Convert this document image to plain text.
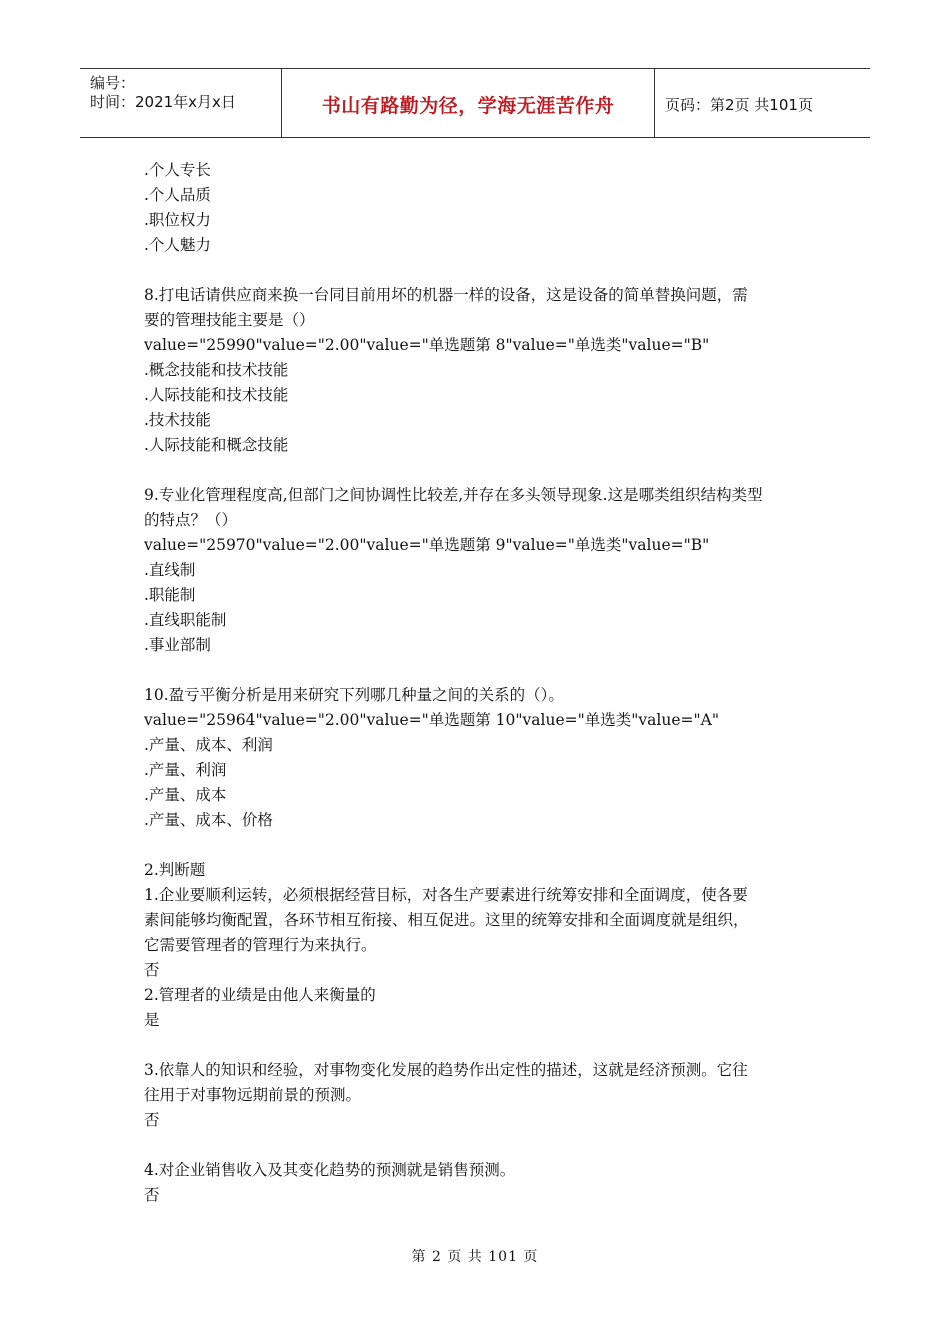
编号：
时间：2021年x月x日	书山有路勤为径，学海无涯苦作舟	页码：第2页 共101页
.个人专长
.个人品质
.职位权力
.个人魅力
8.打电话请供应商来换一台同目前用坏的机器一样的设备，这是设备的简单替换问题，需
要的管理技能主要是（）
value="25990"value="2.00"value="单选题第 8"value="单选类"value="B"
.概念技能和技术技能
.人际技能和技术技能
.技术技能
.人际技能和概念技能
9.专业化管理程度高,但部门之间协调性比较差,并存在多头领导现象.这是哪类组织结构类型
的特点？（）
value="25970"value="2.00"value="单选题第 9"value="单选类"value="B"
.直线制
.职能制
.直线职能制
.事业部制
10.盈亏平衡分析是用来研究下列哪几种量之间的关系的（）。
value="25964"value="2.00"value="单选题第 10"value="单选类"value="A"
.产量、成本、利润
.产量、利润
.产量、成本
.产量、成本、价格
2.判断题
1.企业要顺利运转，必须根据经营目标，对各生产要素进行统筹安排和全面调度，使各要
素间能够均衡配置，各环节相互衔接、相互促进。这里的统筹安排和全面调度就是组织，
它需要管理者的管理行为来执行。
否
2.管理者的业绩是由他人来衡量的
是
3.依靠人的知识和经验，对事物变化发展的趋势作出定性的描述，这就是经济预测。它往
往用于对事物远期前景的预测。
否
4.对企业销售收入及其变化趋势的预测就是销售预测。
否
第 2 页 共 101 页
